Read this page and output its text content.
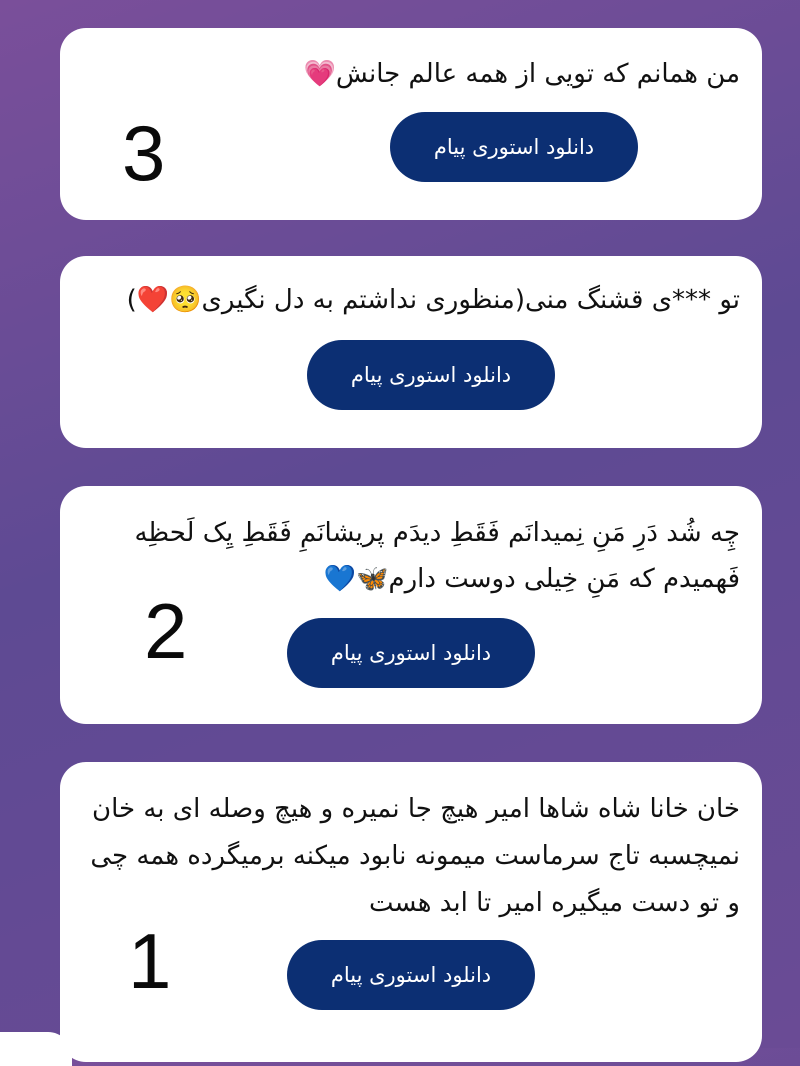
من همانم که تویی از همه عالم جانش💗
3	دانلود استوری پیام
تو ***ی قشنگ منی(منظوری نداشتم به دل نگیری🥺❤️)
دانلود استوری پیام
چِه شُد دَرِ مَنِ نِمیدانَم فَقَطِ دیدَم پریشانَمِ فَقَطِ یِک لَحظِه فَهمیدم که مَنِ خِیلی دوست دارم🦋💙
2	دانلود استوری پیام
خان خانا شاه شاها امیر هیچ جا نمیره و هیچ وصله ای به خان نمیچسبه تاج سرماست میمونه نابود میکنه برمیگرده همه چی و تو دست میگیره امیر تا ابد هست
1	دانلود استوری پیام
